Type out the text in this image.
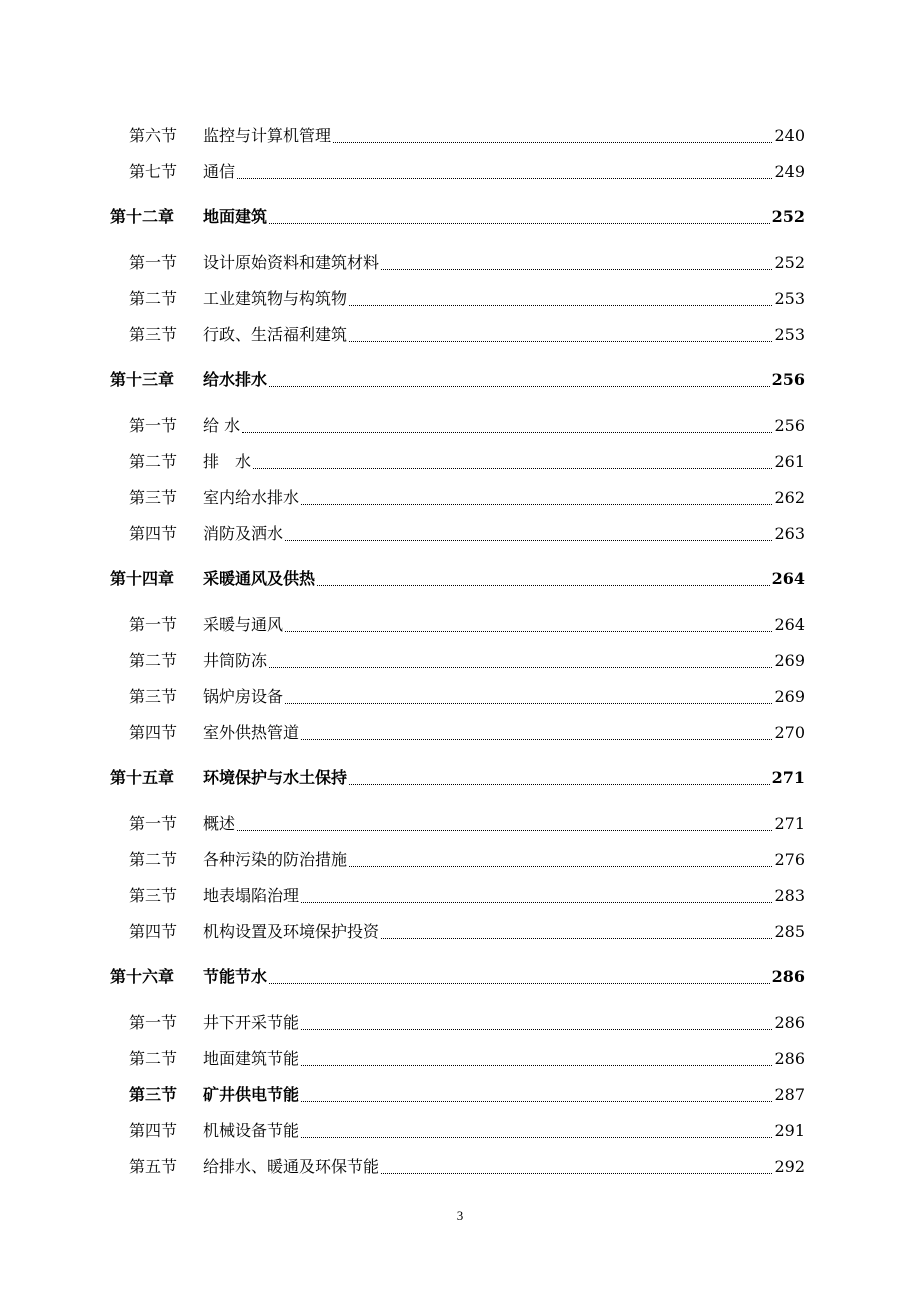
第六节 监控与计算机管理	240
第七节 通信	249
第十二章 地面建筑	252
第一节 设计原始资料和建筑材料	252
第二节 工业建筑物与构筑物	253
第三节 行政、生活福利建筑	253
第十三章 给水排水	256
第一节 给 水	256
第二节 排　水	261
第三节 室内给水排水	262
第四节 消防及洒水	263
第十四章 采暖通风及供热	264
第一节 采暖与通风	264
第二节 井筒防冻	269
第三节 锅炉房设备	269
第四节 室外供热管道	270
第十五章 环境保护与水土保持	271
第一节 概述	271
第二节 各种污染的防治措施	276
第三节 地表塌陷治理	283
第四节 机构设置及环境保护投资	285
第十六章 节能节水	286
第一节 井下开采节能	286
第二节 地面建筑节能	286
第三节 矿井供电节能	287
第四节 机械设备节能	291
第五节 给排水、暖通及环保节能	292
3
